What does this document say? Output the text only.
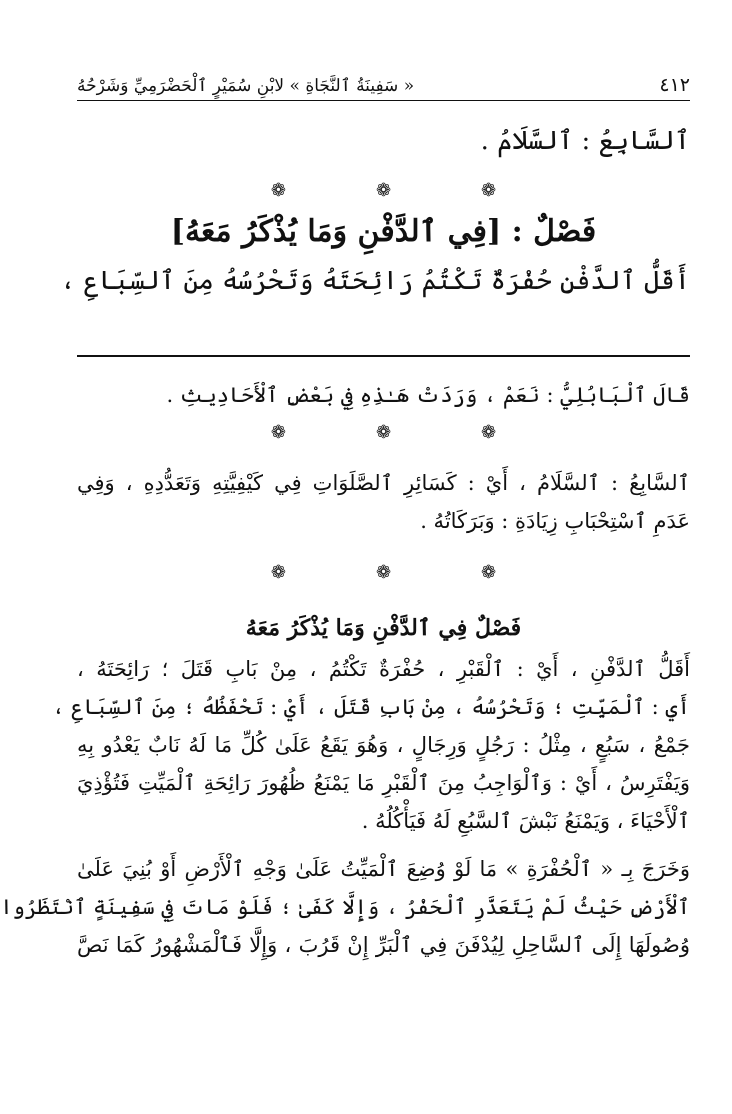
٤١٢
« سَفِينَةُ ٱلنَّجَاةِ » لابْنِ سُمَيْرٍ ٱلْحَضْرَمِيِّ وَشَرْحُهُ
ٱلسَّابِعُ : ٱلسَّلَامُ .
❁
❁
❁
فَصْلٌ : [فِي ٱلدَّفْنِ وَمَا يُذْكَرُ مَعَهُ]
أَقَلُّ ٱلدَّفْنِ حُفْرَةٌ تَكْتُمُ رَائِحَتَهُ وَتَحْرُسُهُ مِنَ ٱلسِّبَاعِ ،
قَالَ ٱلْبَابُلِيُّ : نَعَمْ ، وَرَدَتْ هَـٰذِهِ فِي بَعْضِ ٱلْأَحَادِيثِ .
❁
❁
❁
ٱلسَّابِعُ : ٱلسَّلَامُ ، أَيْ : كَسَائِرِ ٱلصَّلَوَاتِ فِي كَيْفِيَّتِهِ وَتَعَدُّدِهِ ، وَفِي
عَدَمِ ٱسْتِحْبَابِ زِيَادَةِ : وَبَرَكَاتُهُ .
❁
❁
❁
فَصْلٌ فِي ٱلدَّفْنِ وَمَا يُذْكَرُ مَعَهُ
أَقَلُّ ٱلدَّفْنِ ، أَيْ : ٱلْقَبْرِ ، حُفْرَةٌ تَكْتُمُ ، مِنْ بَابِ قَتَلَ ؛ رَائِحَتَهُ ،
أَيِ : ٱلْمَيِّتِ ؛ وَتَحْرُسُهُ ، مِنْ بَابِ قَتَلَ ، أَيْ : تَحْفَظُهُ ؛ مِنَ ٱلسِّبَاعِ ،
جَمْعُ ، سَبُعٍ ، مِثْلُ : رَجُلٍ وَرِجَالٍ ، وَهُوَ يَقَعُ عَلَىٰ كُلِّ مَا لَهُ نَابٌ يَعْدُو بِهِ
وَيَفْتَرِسُ ، أَيْ : وَٱلْوَاجِبُ مِنَ ٱلْقَبْرِ مَا يَمْنَعُ ظُهُورَ رَائِحَةِ ٱلْمَيِّتِ فَتُؤْذِيَ
ٱلْأَحْيَاءَ ، وَيَمْنَعُ نَبْشَ ٱلسَّبُعِ لَهُ فَيَأْكُلُهُ .
وَخَرَجَ بِـ « ٱلْحُفْرَةِ » مَا لَوْ وُضِعَ ٱلْمَيِّتُ عَلَىٰ وَجْهِ ٱلْأَرْضِ أَوْ بُنِيَ عَلَىٰ
ٱلْأَرْضِ حَيْثُ لَمْ يَتَعَذَّرِ ٱلْحَفْرُ ، وَإِلَّا كَفَىٰ ؛ فَلَوْ مَاتَ فِي سَفِينَةٍ ٱنْتَظَرُوا
وُصُولَهَا إِلَى ٱلسَّاحِلِ لِيُدْفَنَ فِي ٱلْبَرِّ إِنْ قَرُبَ ، وَإِلَّا فَٱلْمَشْهُورُ كَمَا نَصَّ
